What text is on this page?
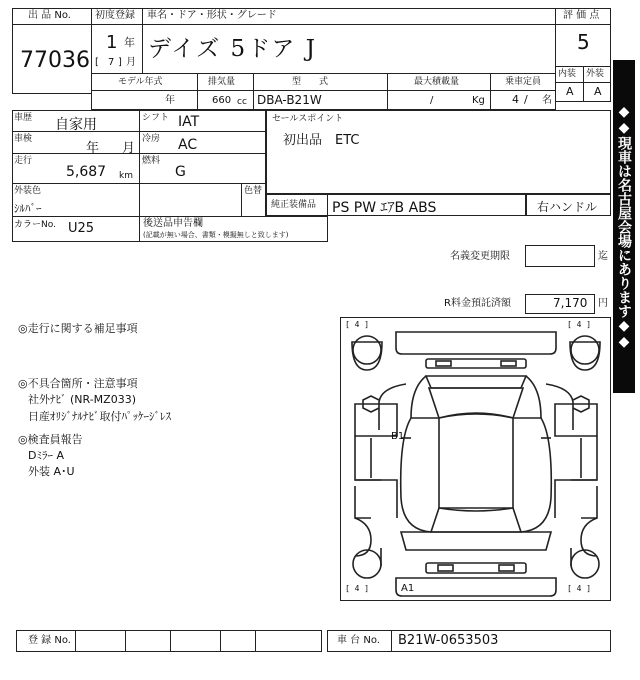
出 品 No.
77036
初度登録
1 年
[ 7 ] 月
車名・ドア・形状・グレード
デイズ 5ドア J
評 価 点
5
内装 外装
A A
モデル年式
年
排気量
660 cc
型　　式
DBA-B21W
最大積載量
/	Kg
乗車定員
4 / 名
車歴 自家用	シフト IAT
車検
年 月
冷房 AC
走行
5,687 km
燃料
G
外装色
ｼﾙﾊﾞｰ
色替
カラーNo. U25	後送品申告欄
(記載が無い場合、書類・模擬無しと致します)
セールスポイント
初出品　ETC
純正装備品 PS PW ｴｱB ABS	右ハンドル
名義変更期限	迄
R料金預託済額	7,170 円
◎走行に関する補足事項
◎不具合箇所・注意事項
社外ﾅﾋﾞ (NR-MZ033)
日産ｵﾘｼﾞﾅﾙﾅﾋﾞ取付ﾊﾟｯｹｰｼﾞﾚｽ
◎検査員報告
Dﾐﾗｰ A
外装 A･U
[ 4 ]	[ 4 ]
[ 4 ]	[ 4 ]
B1
A1
登 録 No.	車 台 No. B21W-0653503
◆◆現車は名古屋会場にあります◆◆
